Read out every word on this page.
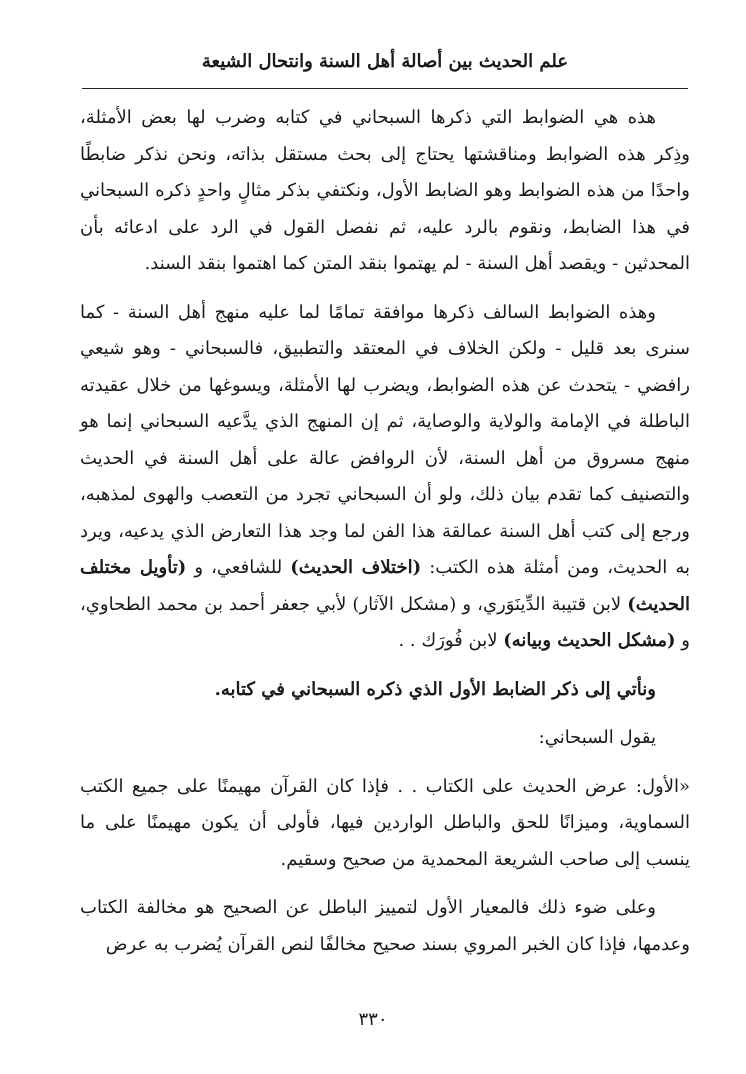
علم الحديث بين أصالة أهل السنة وانتحال الشيعة

هذه هي الضوابط التي ذكرها السبحاني في كتابه وضرب لها بعض الأمثلة، وذِكر هذه الضوابط ومناقشتها يحتاج إلى بحث مستقل بذاته، ونحن نذكر ضابطًا واحدًا من هذه الضوابط وهو الضابط الأول، ونكتفي بذكر مثالٍ واحدٍ ذكره السبحاني في هذا الضابط، ونقوم بالرد عليه، ثم نفصل القول في الرد على ادعائه بأن المحدثين - ويقصد أهل السنة - لم يهتموا بنقد المتن كما اهتموا بنقد السند.

وهذه الضوابط السالف ذكرها موافقة تمامًا لما عليه منهج أهل السنة - كما سنرى بعد قليل - ولكن الخلاف في المعتقد والتطبيق، فالسبحاني - وهو شيعي رافضي - يتحدث عن هذه الضوابط، ويضرب لها الأمثلة، ويسوغها من خلال عقيدته الباطلة في الإمامة والولاية والوصاية، ثم إن المنهج الذي يدَّعيه السبحاني إنما هو منهج مسروق من أهل السنة، لأن الروافض عالة على أهل السنة في الحديث والتصنيف كما تقدم بيان ذلك، ولو أن السبحاني تجرد من التعصب والهوى لمذهبه، ورجع إلى كتب أهل السنة عمالقة هذا الفن لما وجد هذا التعارض الذي يدعيه، ويرد به الحديث، ومن أمثلة هذه الكتب: (اختلاف الحديث) للشافعي، و (تأويل مختلف الحديث) لابن قتيبة الدِّينَوَري، و (مشكل الآثار) لأبي جعفر أحمد بن محمد الطحاوي، و (مشكل الحديث وبيانه) لابن فُورَك . .

ونأتي إلى ذكر الضابط الأول الذي ذكره السبحاني في كتابه.

يقول السبحاني:

«الأول: عرض الحديث على الكتاب . . فإذا كان القرآن مهيمنًا على جميع الكتب السماوية، وميزانًا للحق والباطل الواردين فيها، فأولى أن يكون مهيمنًا على ما ينسب إلى صاحب الشريعة المحمدية من صحيح وسقيم.

وعلى ضوء ذلك فالمعيار الأول لتمييز الباطل عن الصحيح هو مخالفة الكتاب وعدمها، فإذا كان الخبر المروي بسند صحيح مخالفًا لنص القرآن يُضرب به عرض

٣٣٠
